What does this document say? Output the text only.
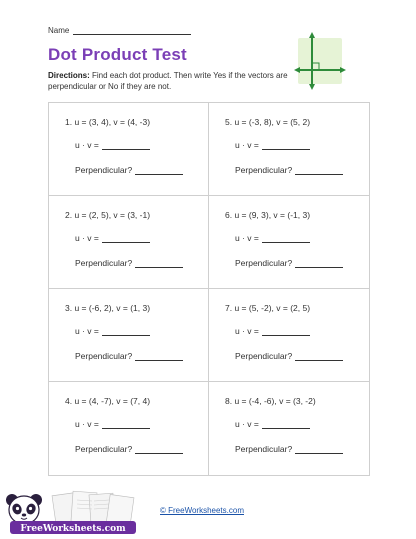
Name
Dot Product Test
Directions: Find each dot product. Then write Yes if the vectors are perpendicular or No if they are not.
1. u = (3, 4), v = (4, -3)
u · v =
Perpendicular?
5. u = (-3, 8), v = (5, 2)
u · v =
Perpendicular?
2. u = (2, 5), v = (3, -1)
u · v =
Perpendicular?
6. u = (9, 3), v = (-1, 3)
u · v =
Perpendicular?
3. u = (-6, 2), v = (1, 3)
u · v =
Perpendicular?
7. u = (5, -2), v = (2, 5)
u · v =
Perpendicular?
4. u = (4, -7), v = (7, 4)
u · v =
Perpendicular?
8. u = (-4, -6), v = (3, -2)
u · v =
Perpendicular?
FreeWorksheets.com
© FreeWorksheets.com
